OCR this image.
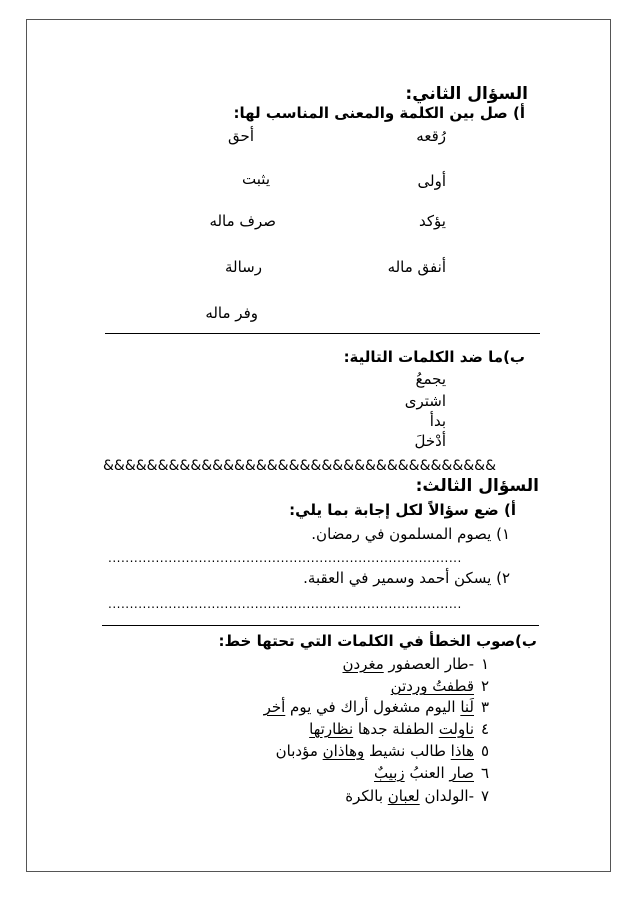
السؤال الثاني:
أ) صل بين الكلمة والمعنى المناسب لها:
رُقعه
أحق
أولى
يثبت
يؤكد
صرف ماله
أنفق ماله
رسالة
وفر ماله
ب)ما ضد الكلمات التالية:
يجمعُ
اشترى
بدأ
أدْخلَ
&&&&&&&&&&&&&&&&&&&&&&&&&&&&&&&&&&&&
السؤال الثالث:
أ) ضع سؤالاً لكل إجابة بما يلي:
١) يصوم المسلمون في رمضان.
..................................................................................
٢) يسكن أحمد وسمير في العقبة.
..................................................................................
ب)صوب الخطأ في الكلمات التي تحتها خط:
١-طار العصفور مغردن
٢قطفتُ وردتن
٣لَنا اليوم مشغول أراك في يوم أخر
٤ناولت الطفلة جدها نظارتها
٥هاذا طالب نشيط وهاذان مؤدبان
٦صار العنبُ زبيبٌ
٧-الولدان لعبان بالكرة
